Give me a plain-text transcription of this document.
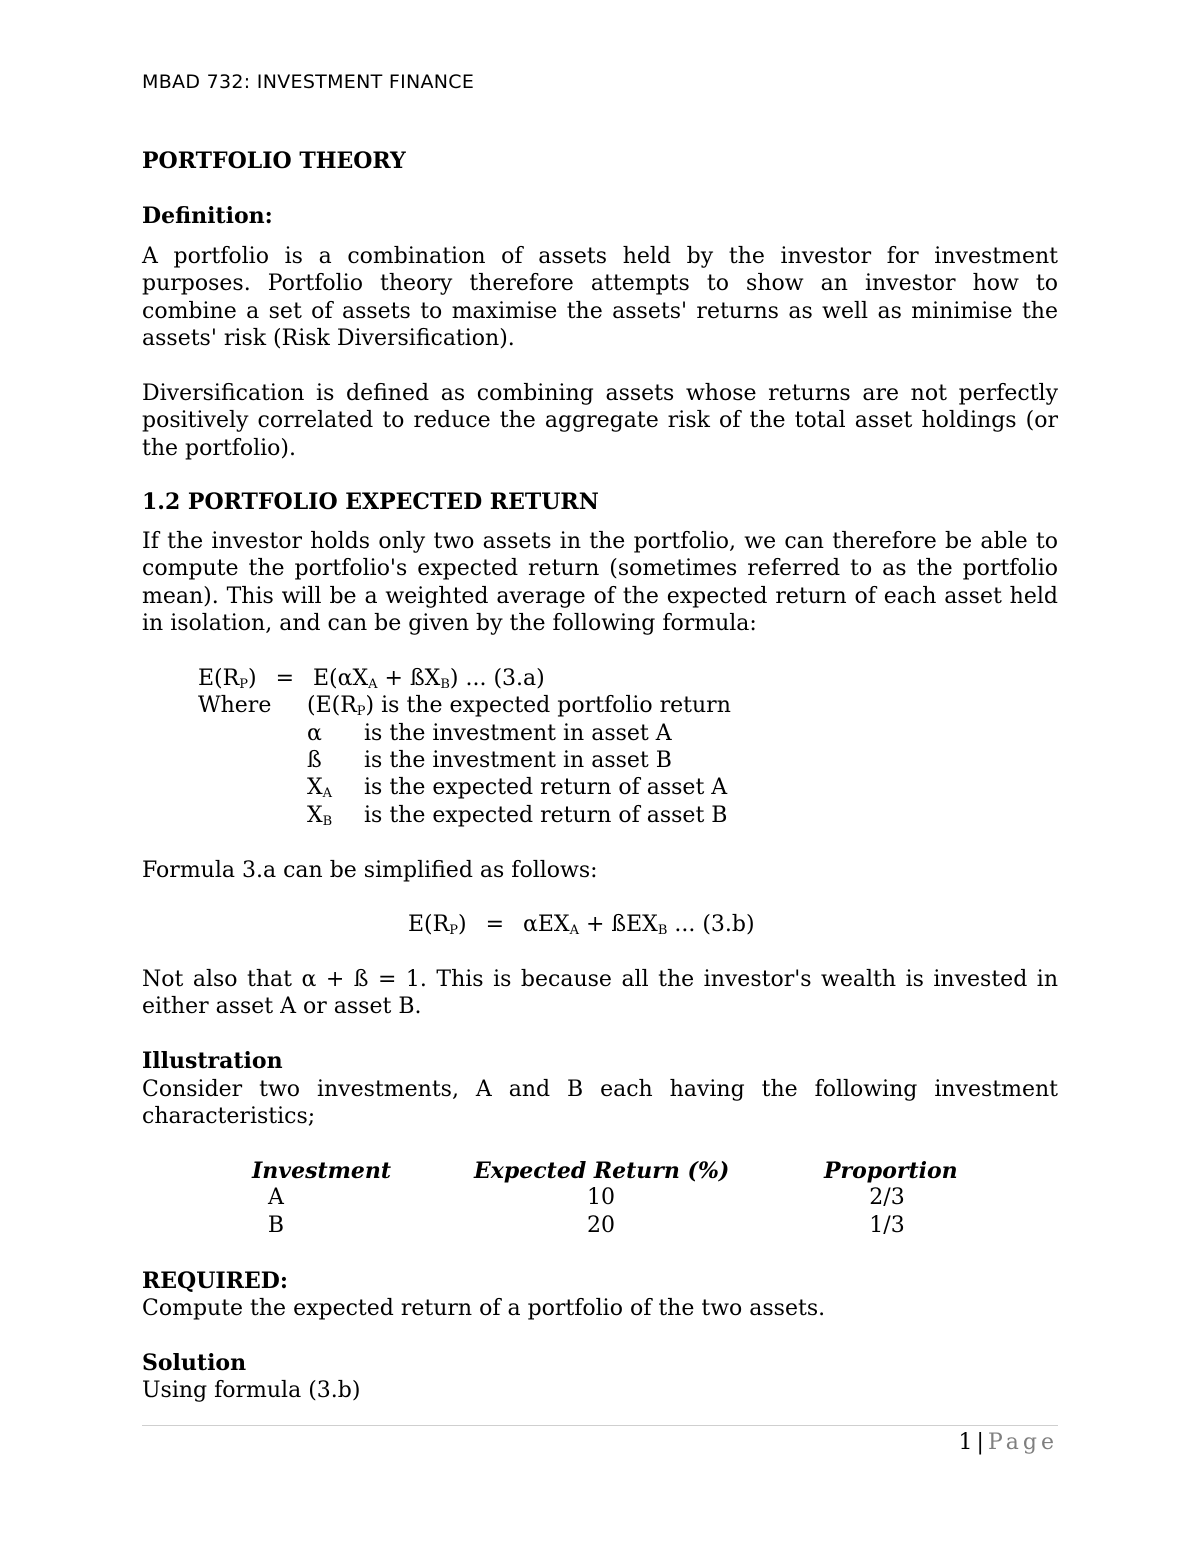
MBAD 732: INVESTMENT FINANCE
PORTFOLIO THEORY
Definition:

A portfolio is a combination of assets held by the investor for investment purposes. Portfolio theory therefore attempts to show an investor how to combine a set of assets to maximise the assets' returns as well as minimise the assets' risk (Risk Diversification).

Diversification is defined as combining assets whose returns are not perfectly positively correlated to reduce the aggregate risk of the total asset holdings (or the portfolio).

1.2 PORTFOLIO EXPECTED RETURN

If the investor holds only two assets in the portfolio, we can therefore be able to compute the portfolio's expected return (sometimes referred to as the portfolio mean). This will be a weighted average of the expected return of each asset held in isolation, and can be given by the following formula:

$E(R_P) = E(\alpha X_A$ + $ßX_B$) ... (3.a)
Where ($E(R_P)$ is the expected portfolio return
α is the investment in asset A
ß is the investment in asset B
$X_A$ is the expected return of asset A
$X_B$ is the expected return of asset B
Formula 3.a can be simplified as follows:
$E(R_P) = \alpha EX_A$ + ßEX$_B$ ... (3.b)

Not also that α + ß = 1. This is because all the investor's wealth is invested in either asset A or asset B.

Illustration

Consider two investments, A and B each having the following investment characteristics;

Investment	Expected Return (%)	Proportion
A	10	2/3
B	20	1/3
REQUIRED:
Compute the expected return of a portfolio of the two assets.
Solution
Using formula (3.b)
1 | Page
